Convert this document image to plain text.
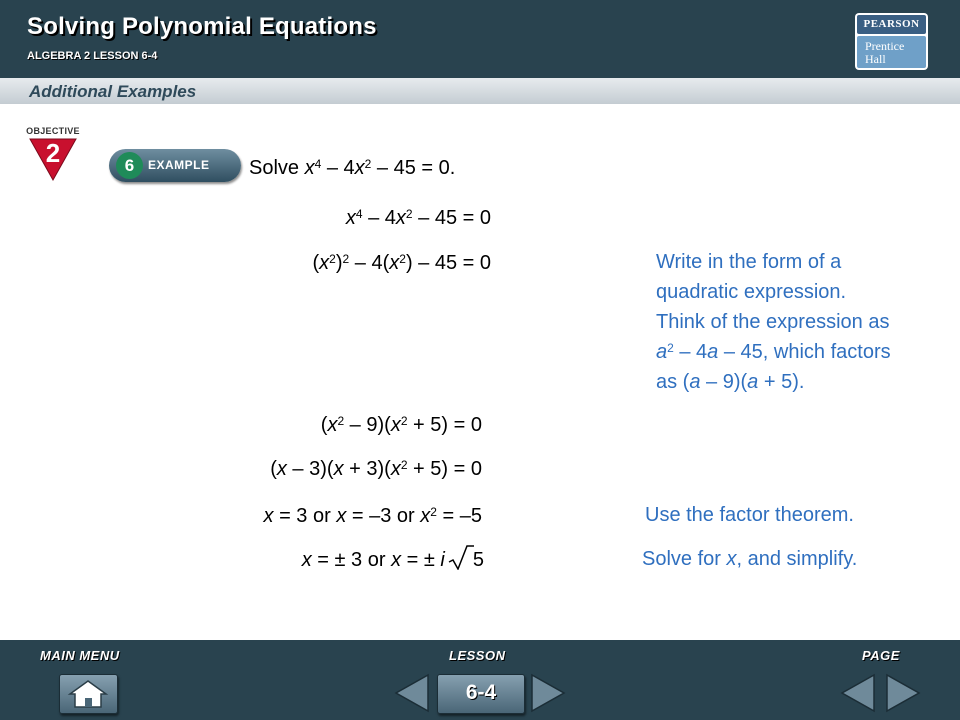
Solving Polynomial Equations
ALGEBRA 2 LESSON 6-4
PEARSON
Prentice
Hall
Additional Examples
OBJECTIVE
2	6	EXAMPLE Solve $x^4 - 4x^2 - 45 = 0$.
$x^4 - 4x^2 - 45 = 0$
$(x^2)^2 - 4(x^2) - 45 = 0$	Write in the form of a
quadratic expression.
Think of the expression as
$a^2 - 4a - 45$, which factors
as (a – 9)(a + 5).
$(x^2 - 9)(x^2 + 5) = 0$
$(x - 3)(x + 3)(x^2 + 5) = 0$
x = 3 or x = –3 or $x^2 = -5$	Use the factor theorem.
x = ± 3 or x = ± i 5	Solve for x, and simplify.
MAIN MENU	LESSON	PAGE
6-4
